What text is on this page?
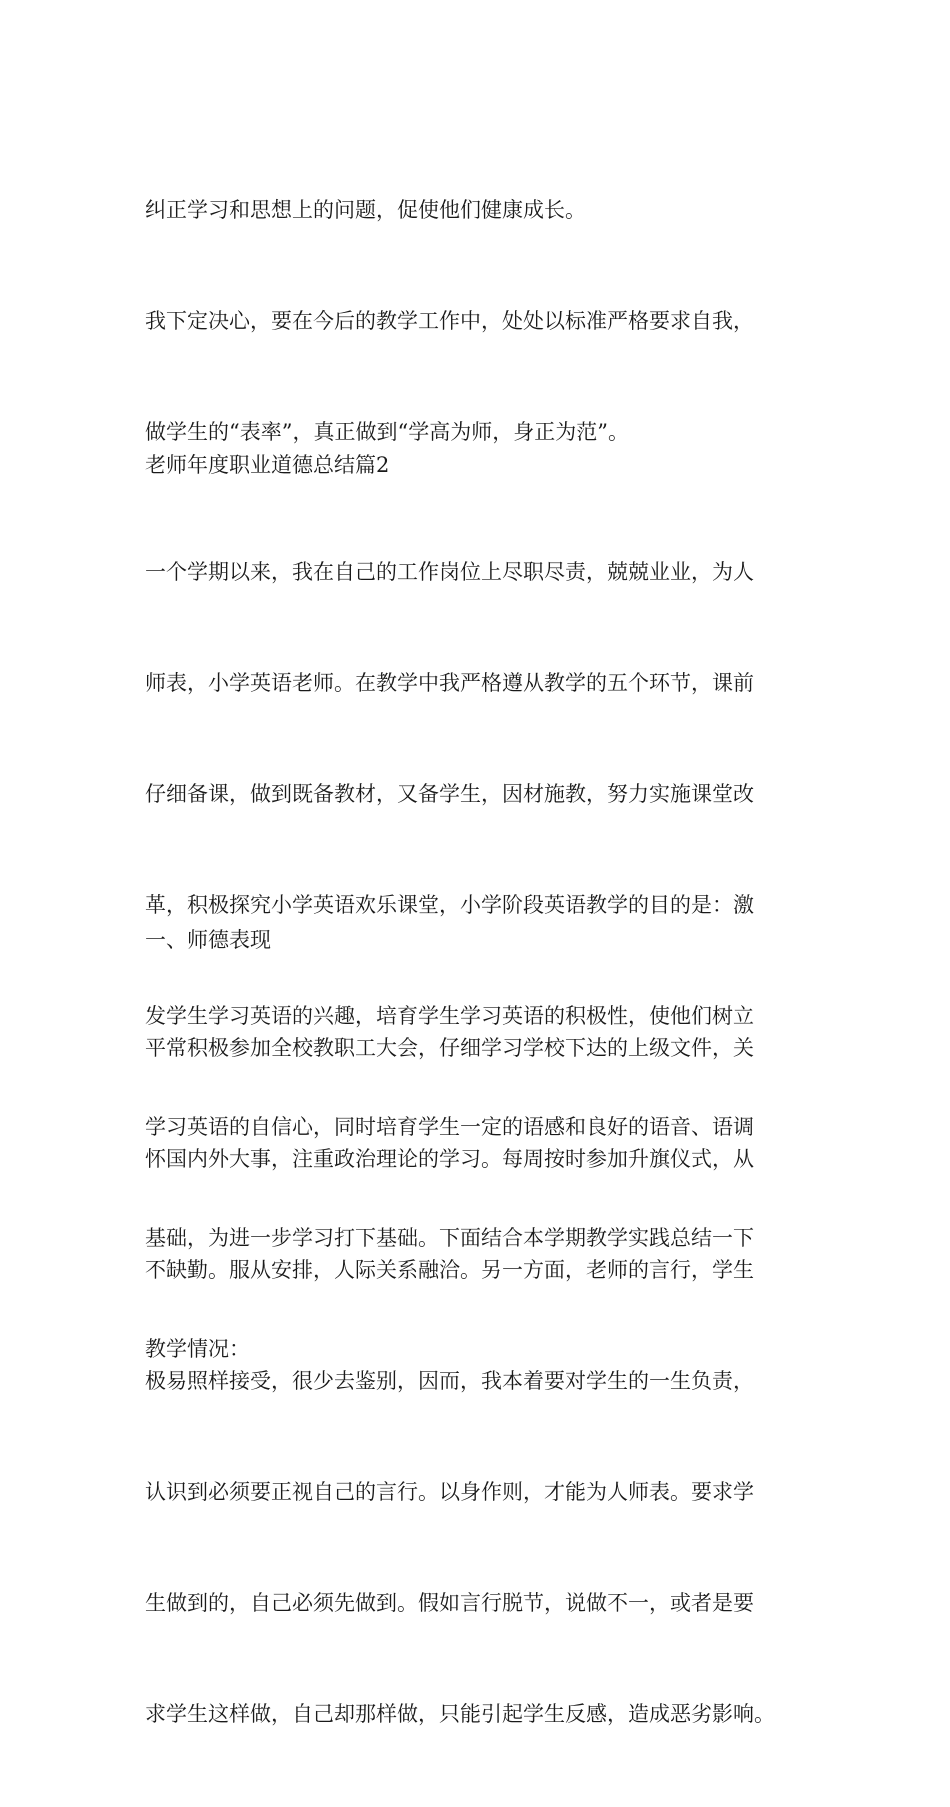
纠正学习和思想上的问题，促使他们健康成长。

我下定决心，要在今后的教学工作中，处处以标准严格要求自我，

做学生的“表率”，真正做到“学高为师，身正为范”。

老师年度职业道德总结篇2

一个学期以来，我在自己的工作岗位上尽职尽责，兢兢业业，为人

师表，小学英语老师。在教学中我严格遵从教学的五个环节，课前

仔细备课，做到既备教材，又备学生，因材施教，努力实施课堂改

革，积极探究小学英语欢乐课堂，小学阶段英语教学的目的是：激

发学生学习英语的兴趣，培育学生学习英语的积极性，使他们树立

学习英语的自信心，同时培育学生一定的语感和良好的语音、语调

基础，为进一步学习打下基础。下面结合本学期教学实践总结一下

教学情况：

一、师德表现

平常积极参加全校教职工大会，仔细学习学校下达的上级文件，关

怀国内外大事，注重政治理论的学习。每周按时参加升旗仪式，从

不缺勤。服从安排，人际关系融洽。另一方面，老师的言行，学生

极易照样接受，很少去鉴别，因而，我本着要对学生的一生负责，

认识到必须要正视自己的言行。以身作则，才能为人师表。要求学

生做到的，自己必须先做到。假如言行脱节，说做不一，或者是要

求学生这样做，自己却那样做，只能引起学生反感，造成恶劣影响。
